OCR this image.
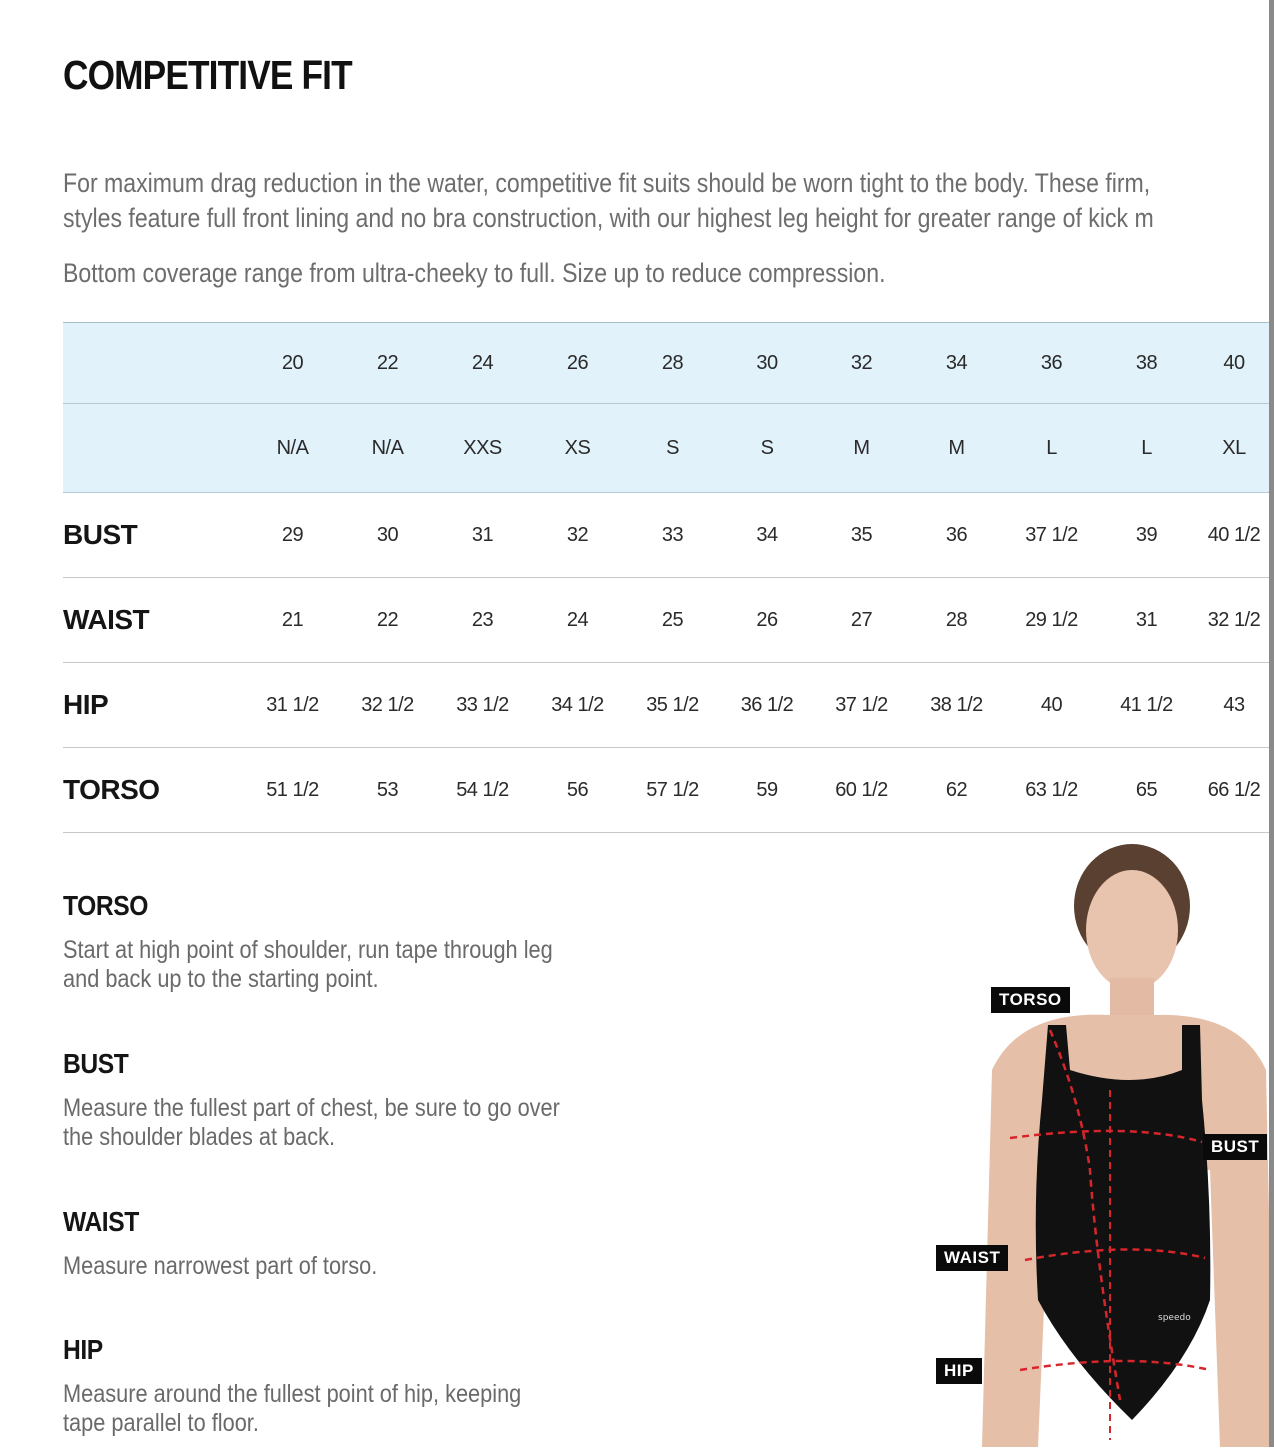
COMPETITIVE FIT

For maximum drag reduction in the water, competitive fit suits should be worn tight to the body. These firm,
styles feature full front lining and no bra construction, with our highest leg height for greater range of kick m

Bottom coverage range from ultra-cheeky to full. Size up to reduce compression.

	20	22	24	26	28	30	32	34	36	38	40
	N/A	N/A	XXS	XS	S	S	M	M	L	L	XL
BUST	29	30	31	32	33	34	35	36	37 1/2	39	40 1/2
WAIST	21	22	23	24	25	26	27	28	29 1/2	31	32 1/2
HIP	31 1/2	32 1/2	33 1/2	34 1/2	35 1/2	36 1/2	37 1/2	38 1/2	40	41 1/2	43
TORSO	51 1/2	53	54 1/2	56	57 1/2	59	60 1/2	62	63 1/2	65	66 1/2
TORSO

Start at high point of shoulder, run tape through leg and back up to the starting point.

BUST

Measure the fullest part of chest, be sure to go over the shoulder blades at back.

WAIST

Measure narrowest part of torso.

HIP

Measure around the fullest point of hip, keeping tape parallel to floor.

speedo
TORSO
BUST
WAIST
HIP
